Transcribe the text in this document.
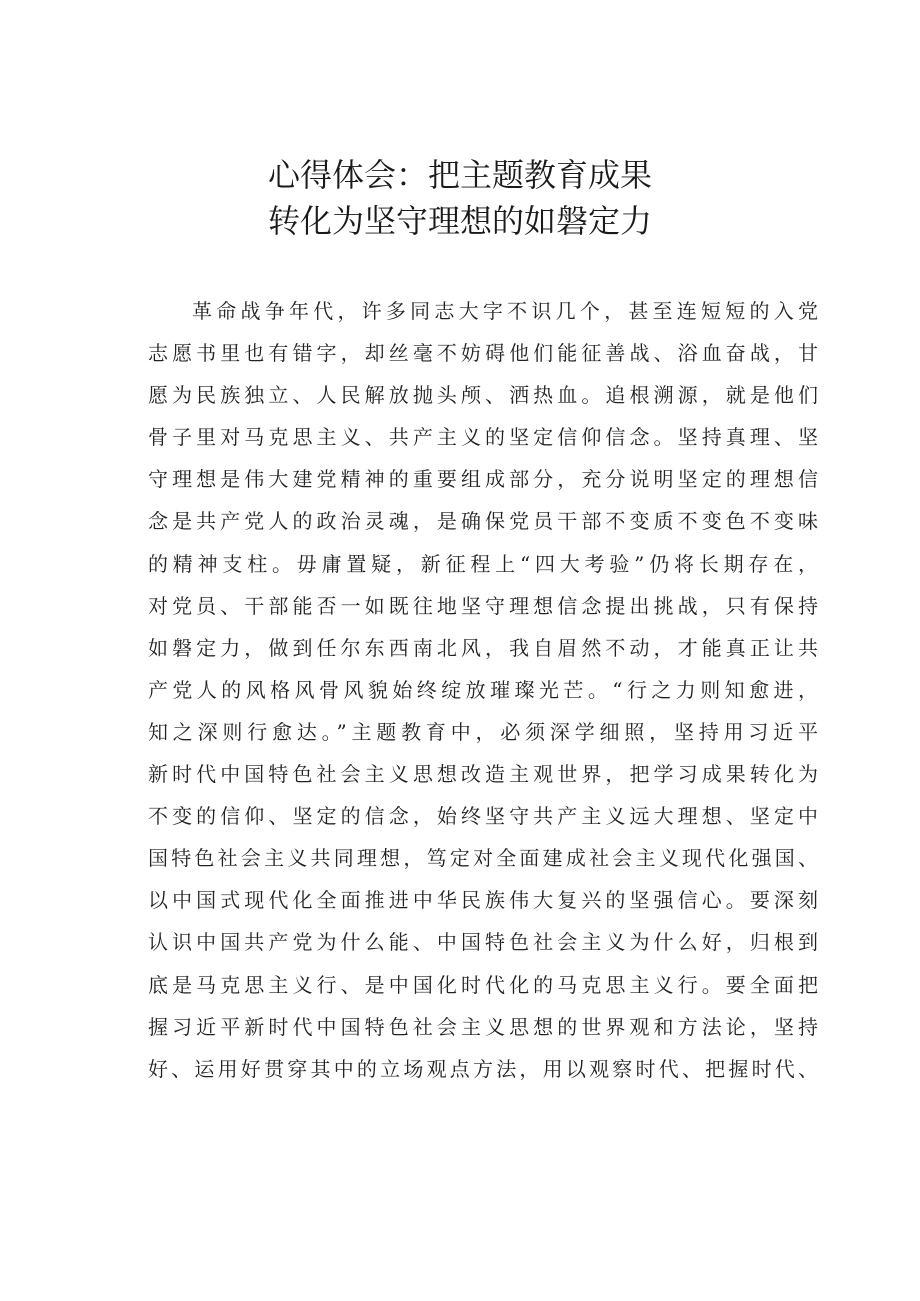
心得体会：把主题教育成果
转化为坚守理想的如磐定力
革命战争年代，许多同志大字不识几个，甚至连短短的入党
志愿书里也有错字，却丝毫不妨碍他们能征善战、浴血奋战，甘
愿为民族独立、人民解放抛头颅、洒热血。追根溯源，就是他们
骨子里对马克思主义、共产主义的坚定信仰信念。坚持真理、坚
守理想是伟大建党精神的重要组成部分，充分说明坚定的理想信
念是共产党人的政治灵魂，是确保党员干部不变质不变色不变味
的精神支柱。毋庸置疑，新征程上“四大考验”仍将长期存在，
对党员、干部能否一如既往地坚守理想信念提出挑战，只有保持
如磐定力，做到任尔东西南北风，我自眉然不动，才能真正让共
产党人的风格风骨风貌始终绽放璀璨光芒。“行之力则知愈进，
知之深则行愈达。”主题教育中，必须深学细照，坚持用习近平
新时代中国特色社会主义思想改造主观世界，把学习成果转化为
不变的信仰、坚定的信念，始终坚守共产主义远大理想、坚定中
国特色社会主义共同理想，笃定对全面建成社会主义现代化强国、
以中国式现代化全面推进中华民族伟大复兴的坚强信心。要深刻
认识中国共产党为什么能、中国特色社会主义为什么好，归根到
底是马克思主义行、是中国化时代化的马克思主义行。要全面把
握习近平新时代中国特色社会主义思想的世界观和方法论，坚持
好、运用好贯穿其中的立场观点方法，用以观察时代、把握时代、
